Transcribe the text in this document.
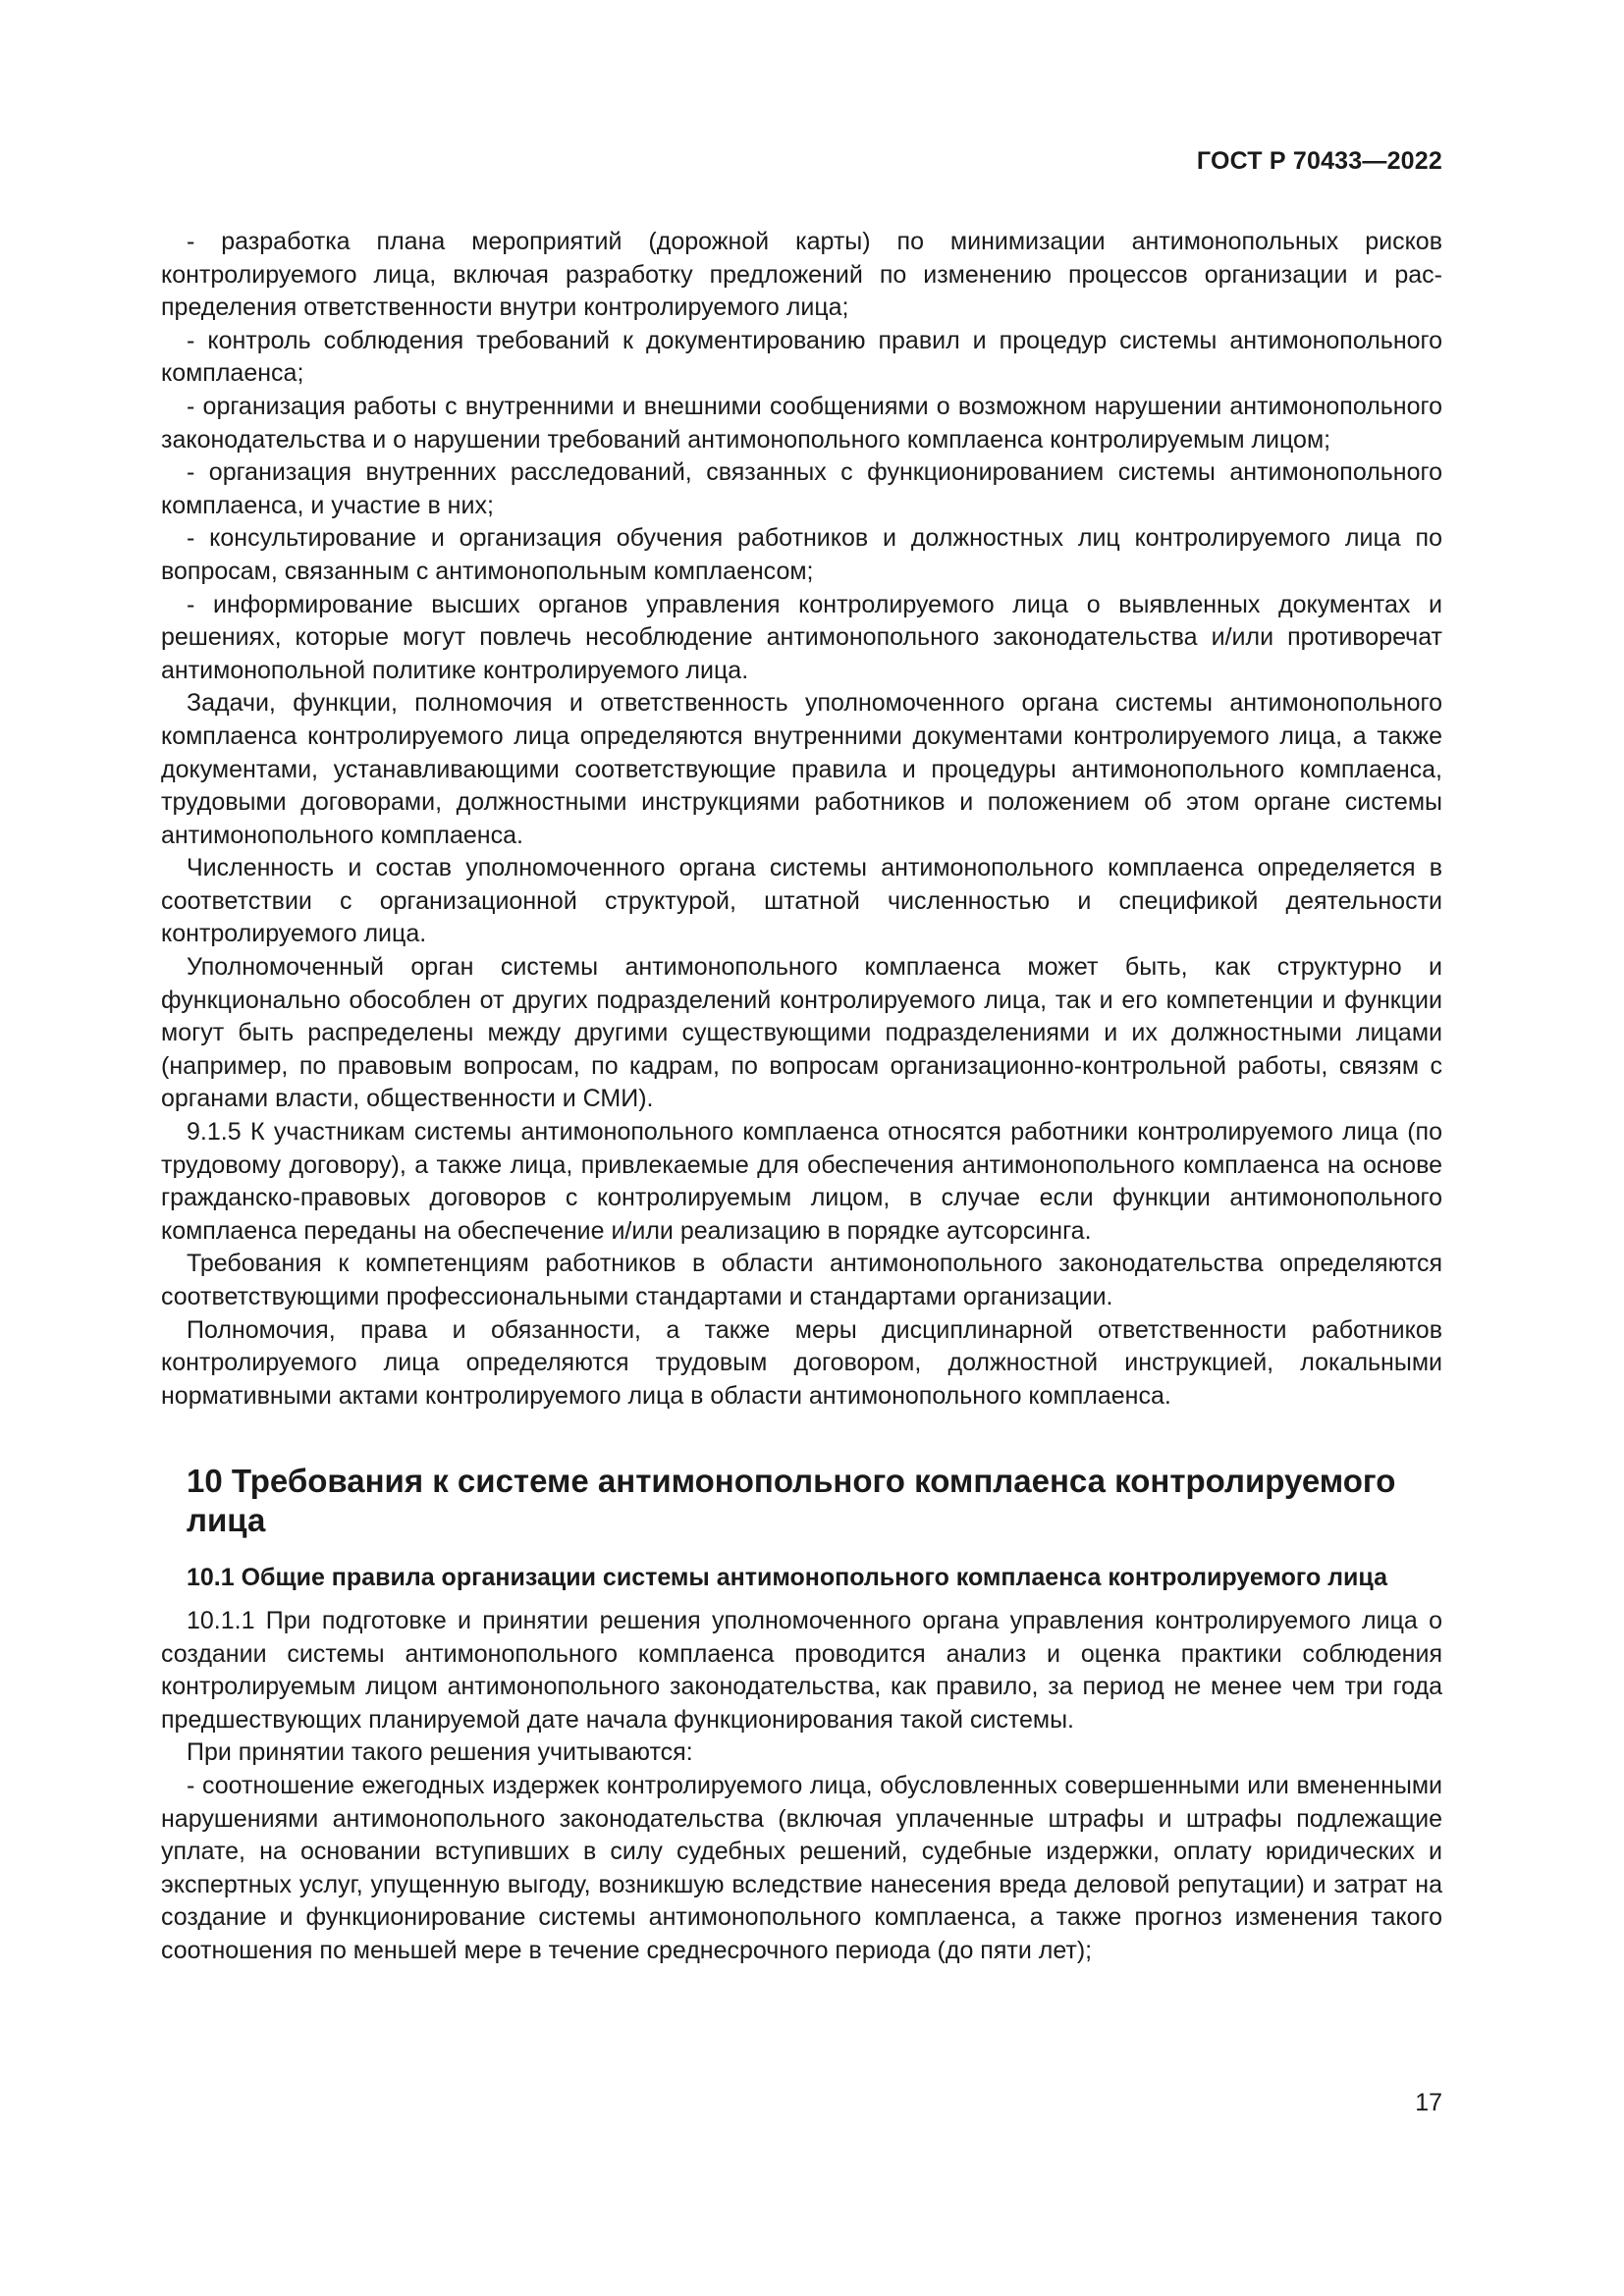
ГОСТ Р 70433—2022

- разработка плана мероприятий (дорожной карты) по минимизации антимонопольных рисков контролируемого лица, включая разработку предложений по изменению процессов организации и распределения ответственности внутри контролируемого лица;

- контроль соблюдения требований к документированию правил и процедур системы антимонопольного комплаенса;

- организация работы с внутренними и внешними сообщениями о возможном нарушении антимонопольного законодательства и о нарушении требований антимонопольного комплаенса контролируемым лицом;

- организация внутренних расследований, связанных с функционированием системы антимонопольного комплаенса, и участие в них;

- консультирование и организация обучения работников и должностных лиц контролируемого лица по вопросам, связанным с антимонопольным комплаенсом;

- информирование высших органов управления контролируемого лица о выявленных документах и решениях, которые могут повлечь несоблюдение антимонопольного законодательства и/или противоречат антимонопольной политике контролируемого лица.

Задачи, функции, полномочия и ответственность уполномоченного органа системы антимонопольного комплаенса контролируемого лица определяются внутренними документами контролируемого лица, а также документами, устанавливающими соответствующие правила и процедуры антимонопольного комплаенса, трудовыми договорами, должностными инструкциями работников и положением об этом органе системы антимонопольного комплаенса.

Численность и состав уполномоченного органа системы антимонопольного комплаенса определяется в соответствии с организационной структурой, штатной численностью и спецификой деятельности контролируемого лица.

Уполномоченный орган системы антимонопольного комплаенса может быть, как структурно и функционально обособлен от других подразделений контролируемого лица, так и его компетенции и функции могут быть распределены между другими существующими подразделениями и их должностными лицами (например, по правовым вопросам, по кадрам, по вопросам организационно-контрольной работы, связям с органами власти, общественности и СМИ).

9.1.5 К участникам системы антимонопольного комплаенса относятся работники контролируемого лица (по трудовому договору), а также лица, привлекаемые для обеспечения антимонопольного комплаенса на основе гражданско-правовых договоров с контролируемым лицом, в случае если функции антимонопольного комплаенса переданы на обеспечение и/или реализацию в порядке аутсорсинга.

Требования к компетенциям работников в области антимонопольного законодательства определяются соответствующими профессиональными стандартами и стандартами организации.

Полномочия, права и обязанности, а также меры дисциплинарной ответственности работников контролируемого лица определяются трудовым договором, должностной инструкцией, локальными нормативными актами контролируемого лица в области антимонопольного комплаенса.

10 Требования к системе антимонопольного комплаенса контролируемого лица
10.1 Общие правила организации системы антимонопольного комплаенса контролируемого лица

10.1.1 При подготовке и принятии решения уполномоченного органа управления контролируемого лица о создании системы антимонопольного комплаенса проводится анализ и оценка практики соблюдения контролируемым лицом антимонопольного законодательства, как правило, за период не менее чем три года предшествующих планируемой дате начала функционирования такой системы.

При принятии такого решения учитываются:

- соотношение ежегодных издержек контролируемого лица, обусловленных совершенными или вмененными нарушениями антимонопольного законодательства (включая уплаченные штрафы и штрафы подлежащие уплате, на основании вступивших в силу судебных решений, судебные издержки, оплату юридических и экспертных услуг, упущенную выгоду, возникшую вследствие нанесения вреда деловой репутации) и затрат на создание и функционирование системы антимонопольного комплаенса, а также прогноз изменения такого соотношения по меньшей мере в течение среднесрочного периода (до пяти лет);

17
